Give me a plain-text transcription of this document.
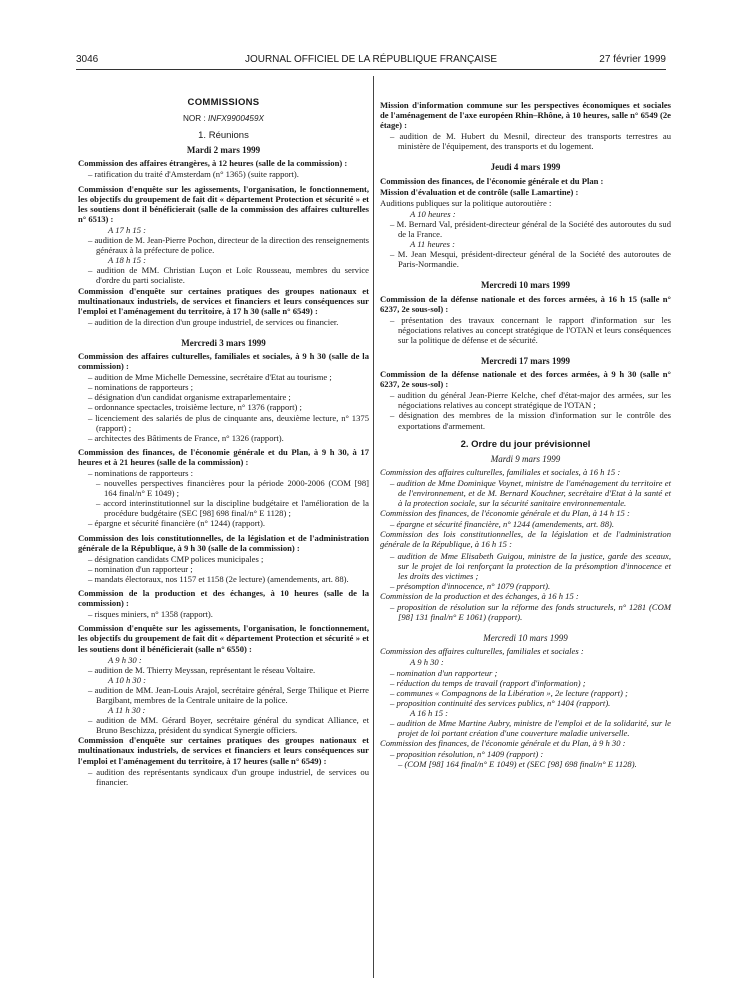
3046	JOURNAL OFFICIEL DE LA RÉPUBLIQUE FRANÇAISE	27 février 1999
COMMISSIONS
NOR : INFX9900459X
1. Réunions
Mardi 2 mars 1999

Commission des affaires étrangères, à 12 heures (salle de la commission) :

– ratification du traité d'Amsterdam (n° 1365) (suite rapport).

Commission d'enquête sur les agissements, l'organisation, le fonctionnement, les objectifs du groupement de fait dit « département Protection et sécurité » et les soutiens dont il bénéficierait (salle de la commission des affaires culturelles n° 6513) :

A 17 h 15 :

– audition de M. Jean-Pierre Pochon, directeur de la direction des renseignements généraux à la préfecture de police.

A 18 h 15 :

– audition de MM. Christian Luçon et Loïc Rousseau, membres du service d'ordre du parti socialiste.

Commission d'enquête sur certaines pratiques des groupes nationaux et multinationaux industriels, de services et financiers et leurs conséquences sur l'emploi et l'aménagement du territoire, à 17 h 30 (salle n° 6549) :

– audition de la direction d'un groupe industriel, de services ou financier.

Mercredi 3 mars 1999

Commission des affaires culturelles, familiales et sociales, à 9 h 30 (salle de la commission) :

– audition de Mme Michelle Demessine, secrétaire d'Etat au tourisme ;

– nominations de rapporteurs ;

– désignation d'un candidat organisme extraparlementaire ;

– ordonnance spectacles, troisième lecture, n° 1376 (rapport) ;

– licenciement des salariés de plus de cinquante ans, deuxième lecture, n° 1375 (rapport) ;

– architectes des Bâtiments de France, n° 1326 (rapport).

Commission des finances, de l'économie générale et du Plan, à 9 h 30, à 17 heures et à 21 heures (salle de la commission) :

– nominations de rapporteurs :

– nouvelles perspectives financières pour la période 2000-2006 (COM [98] 164 final/n° E 1049) ;

– accord interinstitutionnel sur la discipline budgétaire et l'amélioration de la procédure budgétaire (SEC [98] 698 final/n° E 1128) ;

– épargne et sécurité financière (n° 1244) (rapport).

Commission des lois constitutionnelles, de la législation et de l'administration générale de la République, à 9 h 30 (salle de la commission) :

– désignation candidats CMP polices municipales ;

– nomination d'un rapporteur ;

– mandats électoraux, nos 1157 et 1158 (2e lecture) (amendements, art. 88).

Commission de la production et des échanges, à 10 heures (salle de la commission) :

– risques miniers, n° 1358 (rapport).

Commission d'enquête sur les agissements, l'organisation, le fonctionnement, les objectifs du groupement de fait dit « département Protection et sécurité » et les soutiens dont il bénéficierait (salle n° 6550) :

A 9 h 30 :

– audition de M. Thierry Meyssan, représentant le réseau Voltaire.

A 10 h 30 :

– audition de MM. Jean-Louis Arajol, secrétaire général, Serge Thilique et Pierre Bargibant, membres de la Centrale unitaire de la police.

A 11 h 30 :

– audition de MM. Gérard Boyer, secrétaire général du syndicat Alliance, et Bruno Beschizza, président du syndicat Synergie officiers.

Commission d'enquête sur certaines pratiques des groupes nationaux et multinationaux industriels, de services et financiers et leurs conséquences sur l'emploi et l'aménagement du territoire, à 17 heures (salle n° 6549) :

– audition des représentants syndicaux d'un groupe industriel, de services ou financier.

Mission d'information commune sur les perspectives économiques et sociales de l'aménagement de l'axe européen Rhin–Rhône, à 10 heures, salle n° 6549 (2e étage) :

– audition de M. Hubert du Mesnil, directeur des transports terrestres au ministère de l'équipement, des transports et du logement.

Jeudi 4 mars 1999

Commission des finances, de l'économie générale et du Plan :

Mission d'évaluation et de contrôle (salle Lamartine) :

Auditions publiques sur la politique autoroutière :

A 10 heures :

– M. Bernard Val, président-directeur général de la Société des autoroutes du sud de la France.

A 11 heures :

– M. Jean Mesqui, président-directeur général de la Société des autoroutes de Paris-Normandie.

Mercredi 10 mars 1999

Commission de la défense nationale et des forces armées, à 16 h 15 (salle n° 6237, 2e sous-sol) :

– présentation des travaux concernant le rapport d'information sur les négociations relatives au concept stratégique de l'OTAN et leurs conséquences sur la politique de défense et de sécurité.

Mercredi 17 mars 1999

Commission de la défense nationale et des forces armées, à 9 h 30 (salle n° 6237, 2e sous-sol) :

– audition du général Jean-Pierre Kelche, chef d'état-major des armées, sur les négociations relatives au concept stratégique de l'OTAN ;

– désignation des membres de la mission d'information sur le contrôle des exportations d'armement.

2. Ordre du jour prévisionnel
Mardi 9 mars 1999

Commission des affaires culturelles, familiales et sociales, à 16 h 15 :

– audition de Mme Dominique Voynet, ministre de l'aménagement du territoire et de l'environnement, et de M. Bernard Kouchner, secrétaire d'Etat à la santé et à la protection sociale, sur la sécurité sanitaire environnementale.

Commission des finances, de l'économie générale et du Plan, à 14 h 15 :

– épargne et sécurité financière, n° 1244 (amendements, art. 88).

Commission des lois constitutionnelles, de la législation et de l'administration générale de la République, à 16 h 15 :

– audition de Mme Elisabeth Guigou, ministre de la justice, garde des sceaux, sur le projet de loi renforçant la protection de la présomption d'innocence et les droits des victimes ;

– présomption d'innocence, n° 1079 (rapport).

Commission de la production et des échanges, à 16 h 15 :

– proposition de résolution sur la réforme des fonds structurels, n° 1281 (COM [98] 131 final/n° E 1061) (rapport).

Mercredi 10 mars 1999

Commission des affaires culturelles, familiales et sociales :

A 9 h 30 :

– nomination d'un rapporteur ;

– réduction du temps de travail (rapport d'information) ;

– communes « Compagnons de la Libération », 2e lecture (rapport) ;

– proposition continuité des services publics, n° 1404 (rapport).

A 16 h 15 :

– audition de Mme Martine Aubry, ministre de l'emploi et de la solidarité, sur le projet de loi portant création d'une couverture maladie universelle.

Commission des finances, de l'économie générale et du Plan, à 9 h 30 :

– proposition résolution, n° 1409 (rapport) :

– (COM [98] 164 final/n° E 1049) et (SEC [98] 698 final/n° E 1128).
